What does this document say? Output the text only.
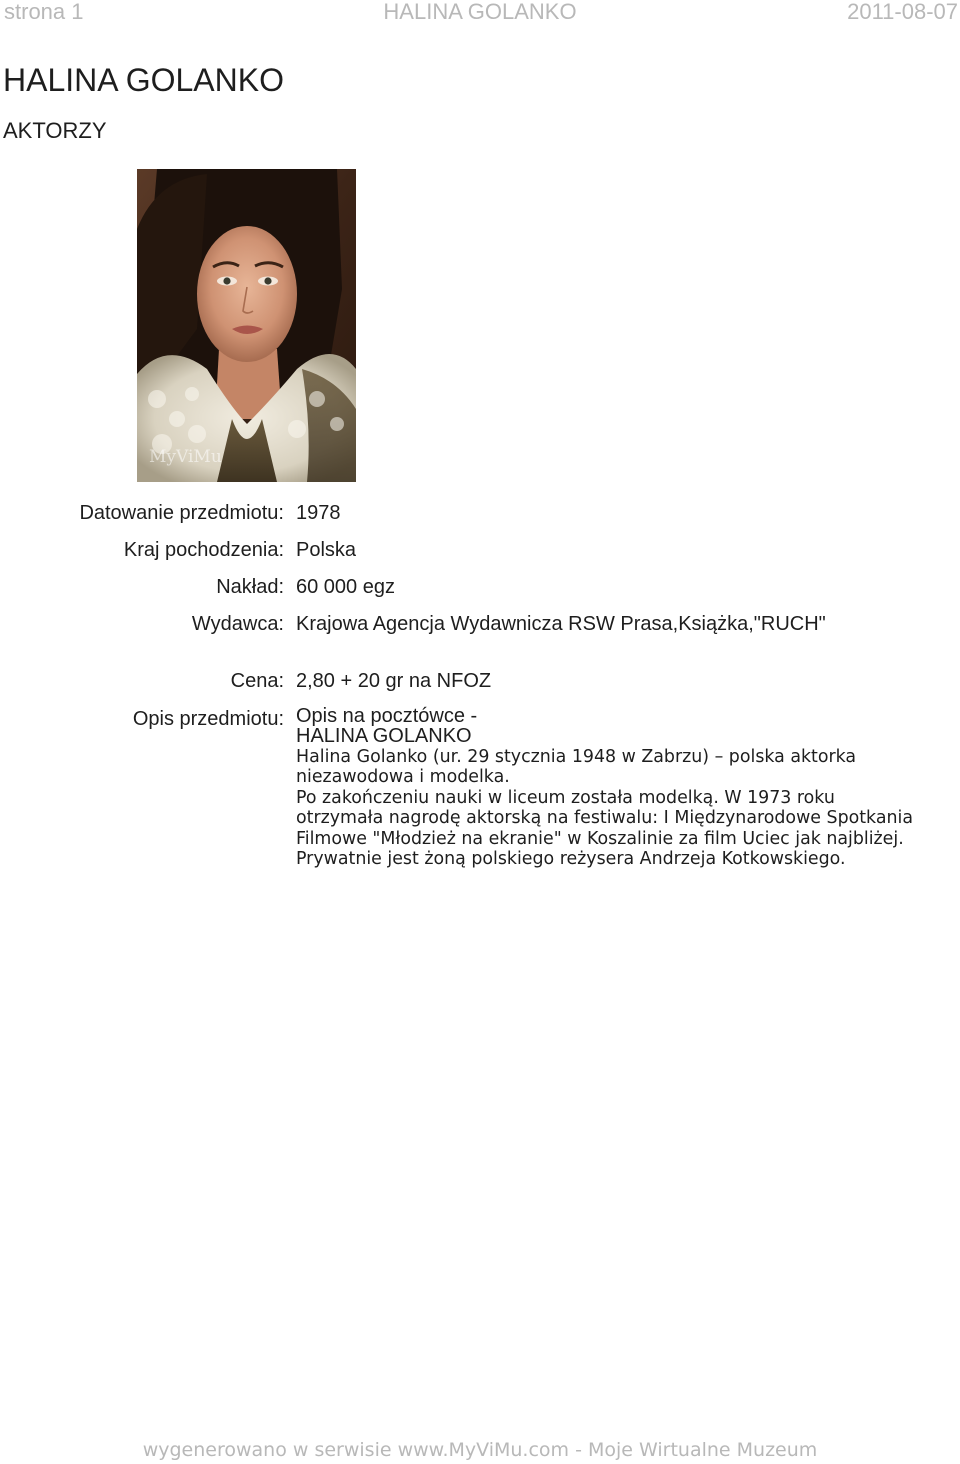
strona 1	HALINA GOLANKO	2011-08-07
HALINA GOLANKO
AKTORZY
MyViMu
Datowanie przedmiotu: 1978
Kraj pochodzenia: Polska
Nakład: 60 000 egz
Wydawca: Krajowa Agencja Wydawnicza RSW Prasa,Książka,"RUCH"
Cena: 2,80 + 20 gr na NFOZ
Opis przedmiotu: Opis na pocztówce -
HALINA GOLANKO
Halina Golanko (ur. 29 stycznia 1948 w Zabrzu) – polska aktorka
niezawodowa i modelka.
Po zakończeniu nauki w liceum została modelką. W 1973 roku
otrzymała nagrodę aktorską na festiwalu: I Międzynarodowe Spotkania
Filmowe "Młodzież na ekranie" w Koszalinie za film Uciec jak najbliżej.
Prywatnie jest żoną polskiego reżysera Andrzeja Kotkowskiego.
wygenerowano w serwisie www.MyViMu.com - Moje Wirtualne Muzeum
